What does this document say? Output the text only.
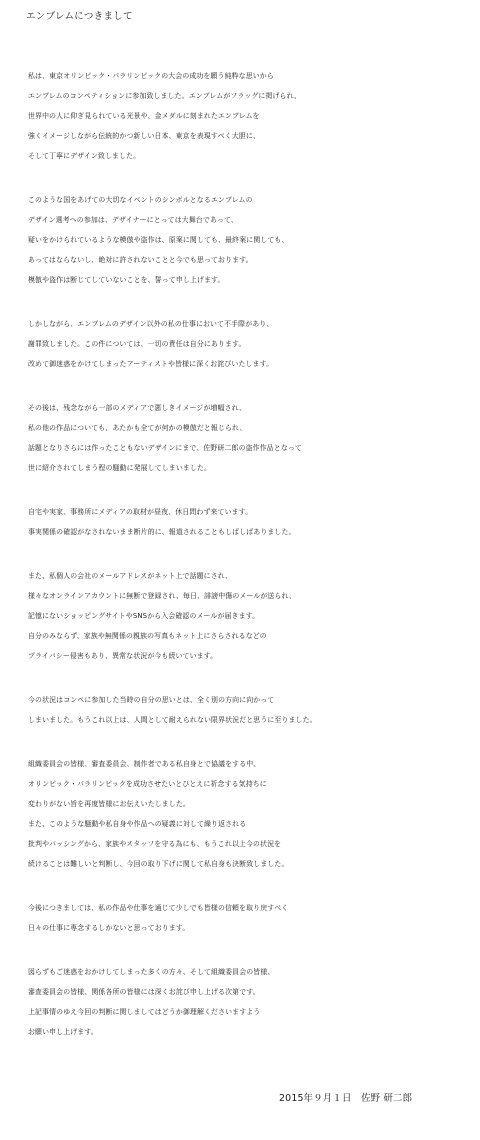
エンブレムにつきまして
私は、東京オリンピック・パラリンピックの大会の成功を願う純粋な思いから
エンブレムのコンペティションに参加致しました。エンブレムがフラッグに掲げられ、
世界中の人に仰ぎ見られている光景や、金メダルに刻まれたエンブレムを
強くイメージしながら伝統的かつ新しい日本、東京を表現すべく大胆に、
そして丁寧にデザイン致しました。
このような国をあげての大切なイベントのシンボルとなるエンブレムの
デザイン選考への参加は、デザイナーにとっては大舞台であって、
疑いをかけられているような模倣や盗作は、原案に関しても、最終案に関しても、
あってはならないし、絶対に許されないことと今でも思っております。
模倣や盗作は断じてしていないことを、誓って申し上げます。
しかしながら、エンブレムのデザイン以外の私の仕事において不手際があり、
謝罪致しました。この件については、一切の責任は自分にあります。
改めて御迷惑をかけてしまったアーティストや皆様に深くお詫びいたします。
その後は、残念ながら一部のメディアで悪しきイメージが増幅され、
私の他の作品についても、あたかも全てが何かの模倣だと報じられ、
話題となりさらには作ったこともないデザインにまで、佐野研二郎の盗作作品となって
世に紹介されてしまう程の騒動に発展してしまいました。
自宅や実家、事務所にメディアの取材が昼夜、休日問わず来ています。
事実関係の確認がなされないまま断片的に、報道されることもしばしばありました。
また、私個人の会社のメールアドレスがネット上で話題にされ、
様々なオンラインアカウントに無断で登録され、毎日、誹謗中傷のメールが送られ、
記憶にないショッピングサイトやSNSから入会確認のメールが届きます。
自分のみならず、家族や無関係の親族の写真もネット上にさらされるなどの
プライバシー侵害もあり、異常な状況が今も続いています。
今の状況はコンペに参加した当時の自分の思いとは、全く別の方向に向かって
しまいました。もうこれ以上は、人間として耐えられない限界状況だと思うに至りました。
組織委員会の皆様、審査委員会、制作者である私自身とで協議をする中、
オリンピック・パラリンピックを成功させたいとひとえに祈念する気持ちに
変わりがない旨を再度皆様にお伝えいたしました。
また、このような騒動や私自身や作品への疑義に対して繰り返される
批判やバッシングから、家族やスタッフを守る為にも、もうこれ以上今の状況を
続けることは難しいと判断し、今回の取り下げに関して私自身も決断致しました。
今後につきましては、私の作品や仕事を通じて少しでも皆様の信頼を取り戻すべく
日々の仕事に専念するしかないと思っております。
図らずもご迷惑をおかけしてしまった多くの方々、そして組織委員会の皆様、
審査委員会の皆様、関係各所の皆様には深くお詫び申し上げる次第です。
上記事情のゆえ今回の判断に関しましてはどうか御理解くださいますよう
お願い申し上げます。
2015年９月１日　佐野 研二郎
